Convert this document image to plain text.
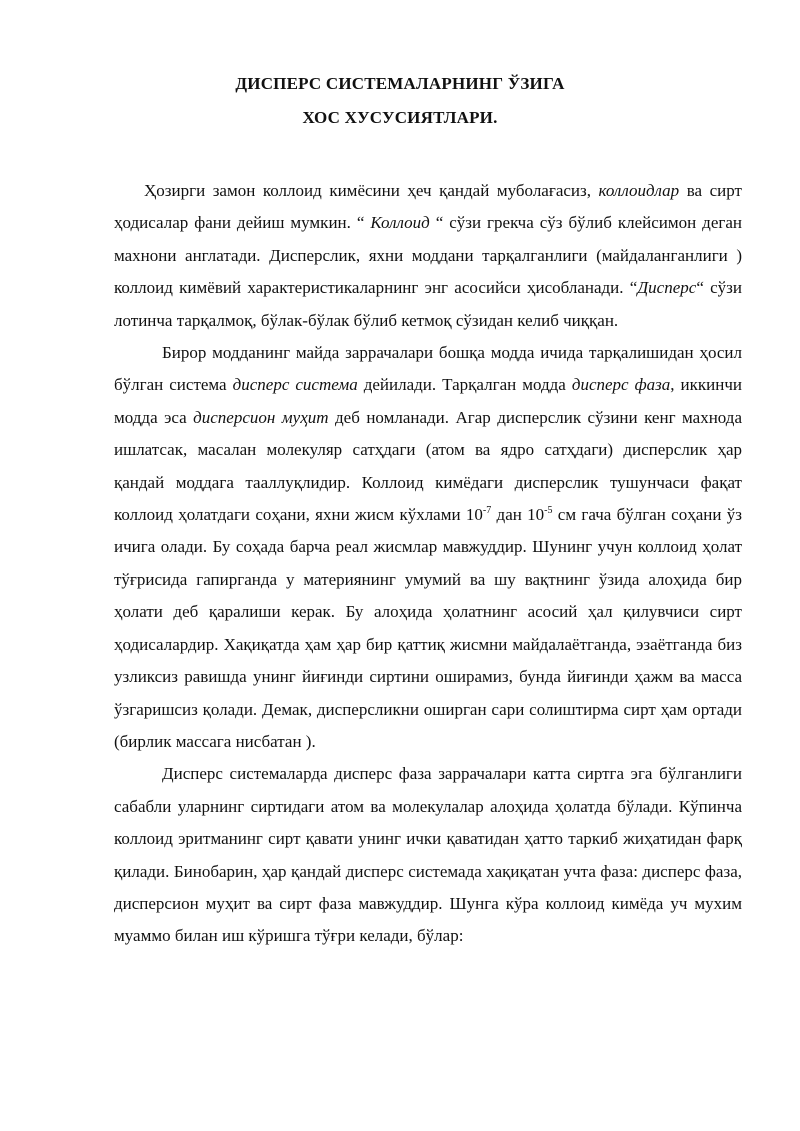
ДИСПЕРС СИСТЕМАЛАРНИНГ ЎЗИГА
ХОС ХУСУСИЯТЛАРИ.

Ҳозирги замон коллоид кимёсини ҳеч қандай муболағасиз, коллоидлар ва сирт ҳодисалар фани дейиш мумкин. “ Коллоид “ сўзи грекча сўз бўлиб клейсимон деган махнони англатади. Дисперслик, яхни моддани тарқалганлиги (майдаланганлиги ) коллоид кимёвий характеристикаларнинг энг асосийси ҳисобланади. “Дисперс“ сўзи лотинча тарқалмоқ, бўлак-бўлак бўлиб кетмоқ сўзидан келиб чиққан.

Бирор модданинг майда заррачалари бошқа модда ичида тарқалишидан ҳосил бўлган система дисперс система дейилади. Тарқалган модда дисперс фаза, иккинчи модда эса дисперсион муҳит деб номланади. Агар дисперслик сўзини кенг махнода ишлатсак, масалан молекуляр сатҳдаги (атом ва ядро сатҳдаги) дисперслик ҳар қандай моддага тааллуқлидир. Коллоид кимёдаги дисперслик тушунчаси фақат коллоид ҳолатдаги соҳани, яхни жисм кўхлами $10^{-7}$ дан $10^{-5}$ см гача бўлган соҳани ўз ичига олади. Бу соҳада барча реал жисмлар мавжуддир. Шунинг учун коллоид ҳолат тўғрисида гапирганда у материянинг умумий ва шу вақтнинг ўзида алоҳида бир ҳолати деб қаралиши керак. Бу алоҳида ҳолатнинг асосий ҳал қилувчиси сирт ҳодисалардир. Хақиқатда ҳам ҳар бир қаттиқ жисмни майдалаётганда, эзаётганда биз узликсиз равишда унинг йиғинди сиртини оширамиз, бунда йиғинди ҳажм ва масса ўзгаришсиз қолади. Демак, дисперсликни оширган сари солиштирма сирт ҳам ортади (бирлик массага нисбатан ).

Дисперс системаларда дисперс фаза заррачалари катта сиртга эга бўлганлиги сабабли уларнинг сиртидаги атом ва молекулалар алоҳида ҳолатда бўлади. Кўпинча коллоид эритманинг сирт қавати унинг ички қаватидан ҳатто таркиб жиҳатидан фарқ қилади. Бинобарин, ҳар қандай дисперс системада хақиқатан учта фаза: дисперс фаза, дисперсион муҳит ва сирт фаза мавжуддир. Шунга кўра коллоид кимёда уч мухим муаммо билан иш кўришга тўғри келади, бўлар:
